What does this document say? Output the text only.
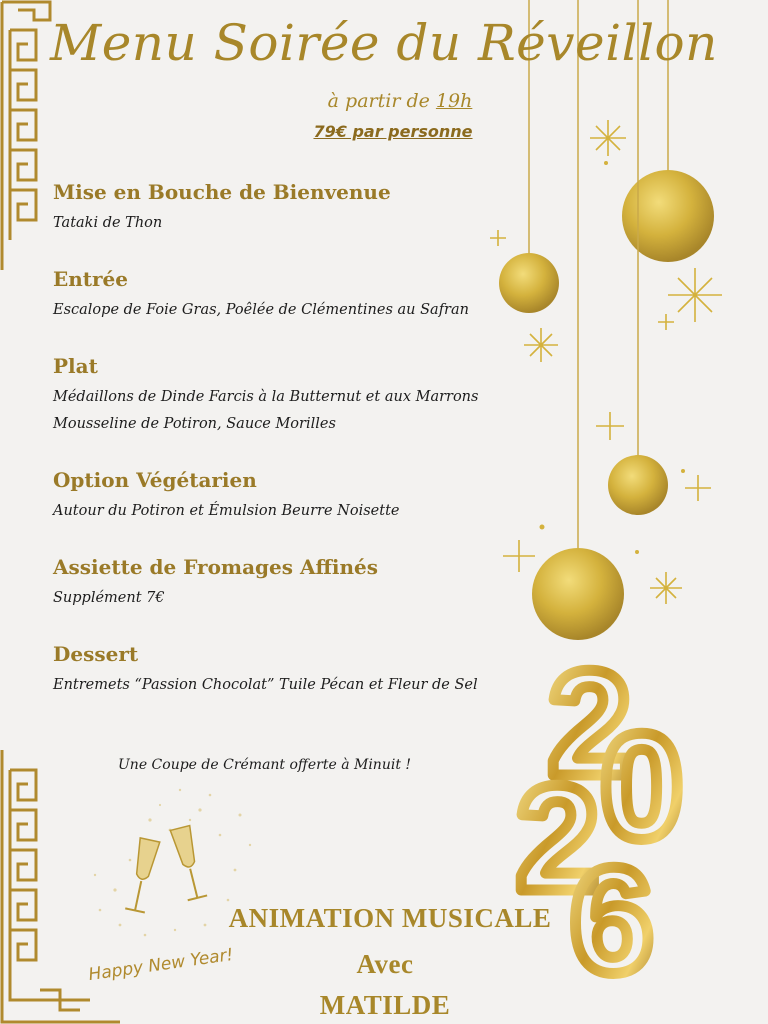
2
0
2
6
Menu Soirée du Réveillon
à partir de 19h
79€ par personne
Mise en Bouche de Bienvenue
Tataki de Thon
Entrée
Escalope de Foie Gras, Poêlée de Clémentines au Safran
Plat
Médaillons de Dinde Farcis à la Butternut et aux Marrons
Mousseline de Potiron, Sauce Morilles
Option Végétarien
Autour du Potiron et Émulsion Beurre Noisette
Assiette de Fromages Affinés
Supplément 7€
Dessert
Entremets “Passion Chocolat” Tuile Pécan et Fleur de Sel
Une Coupe de Crémant offerte à Minuit !
ANIMATION MUSICALE
Avec
MATILDE
Happy New Year!
